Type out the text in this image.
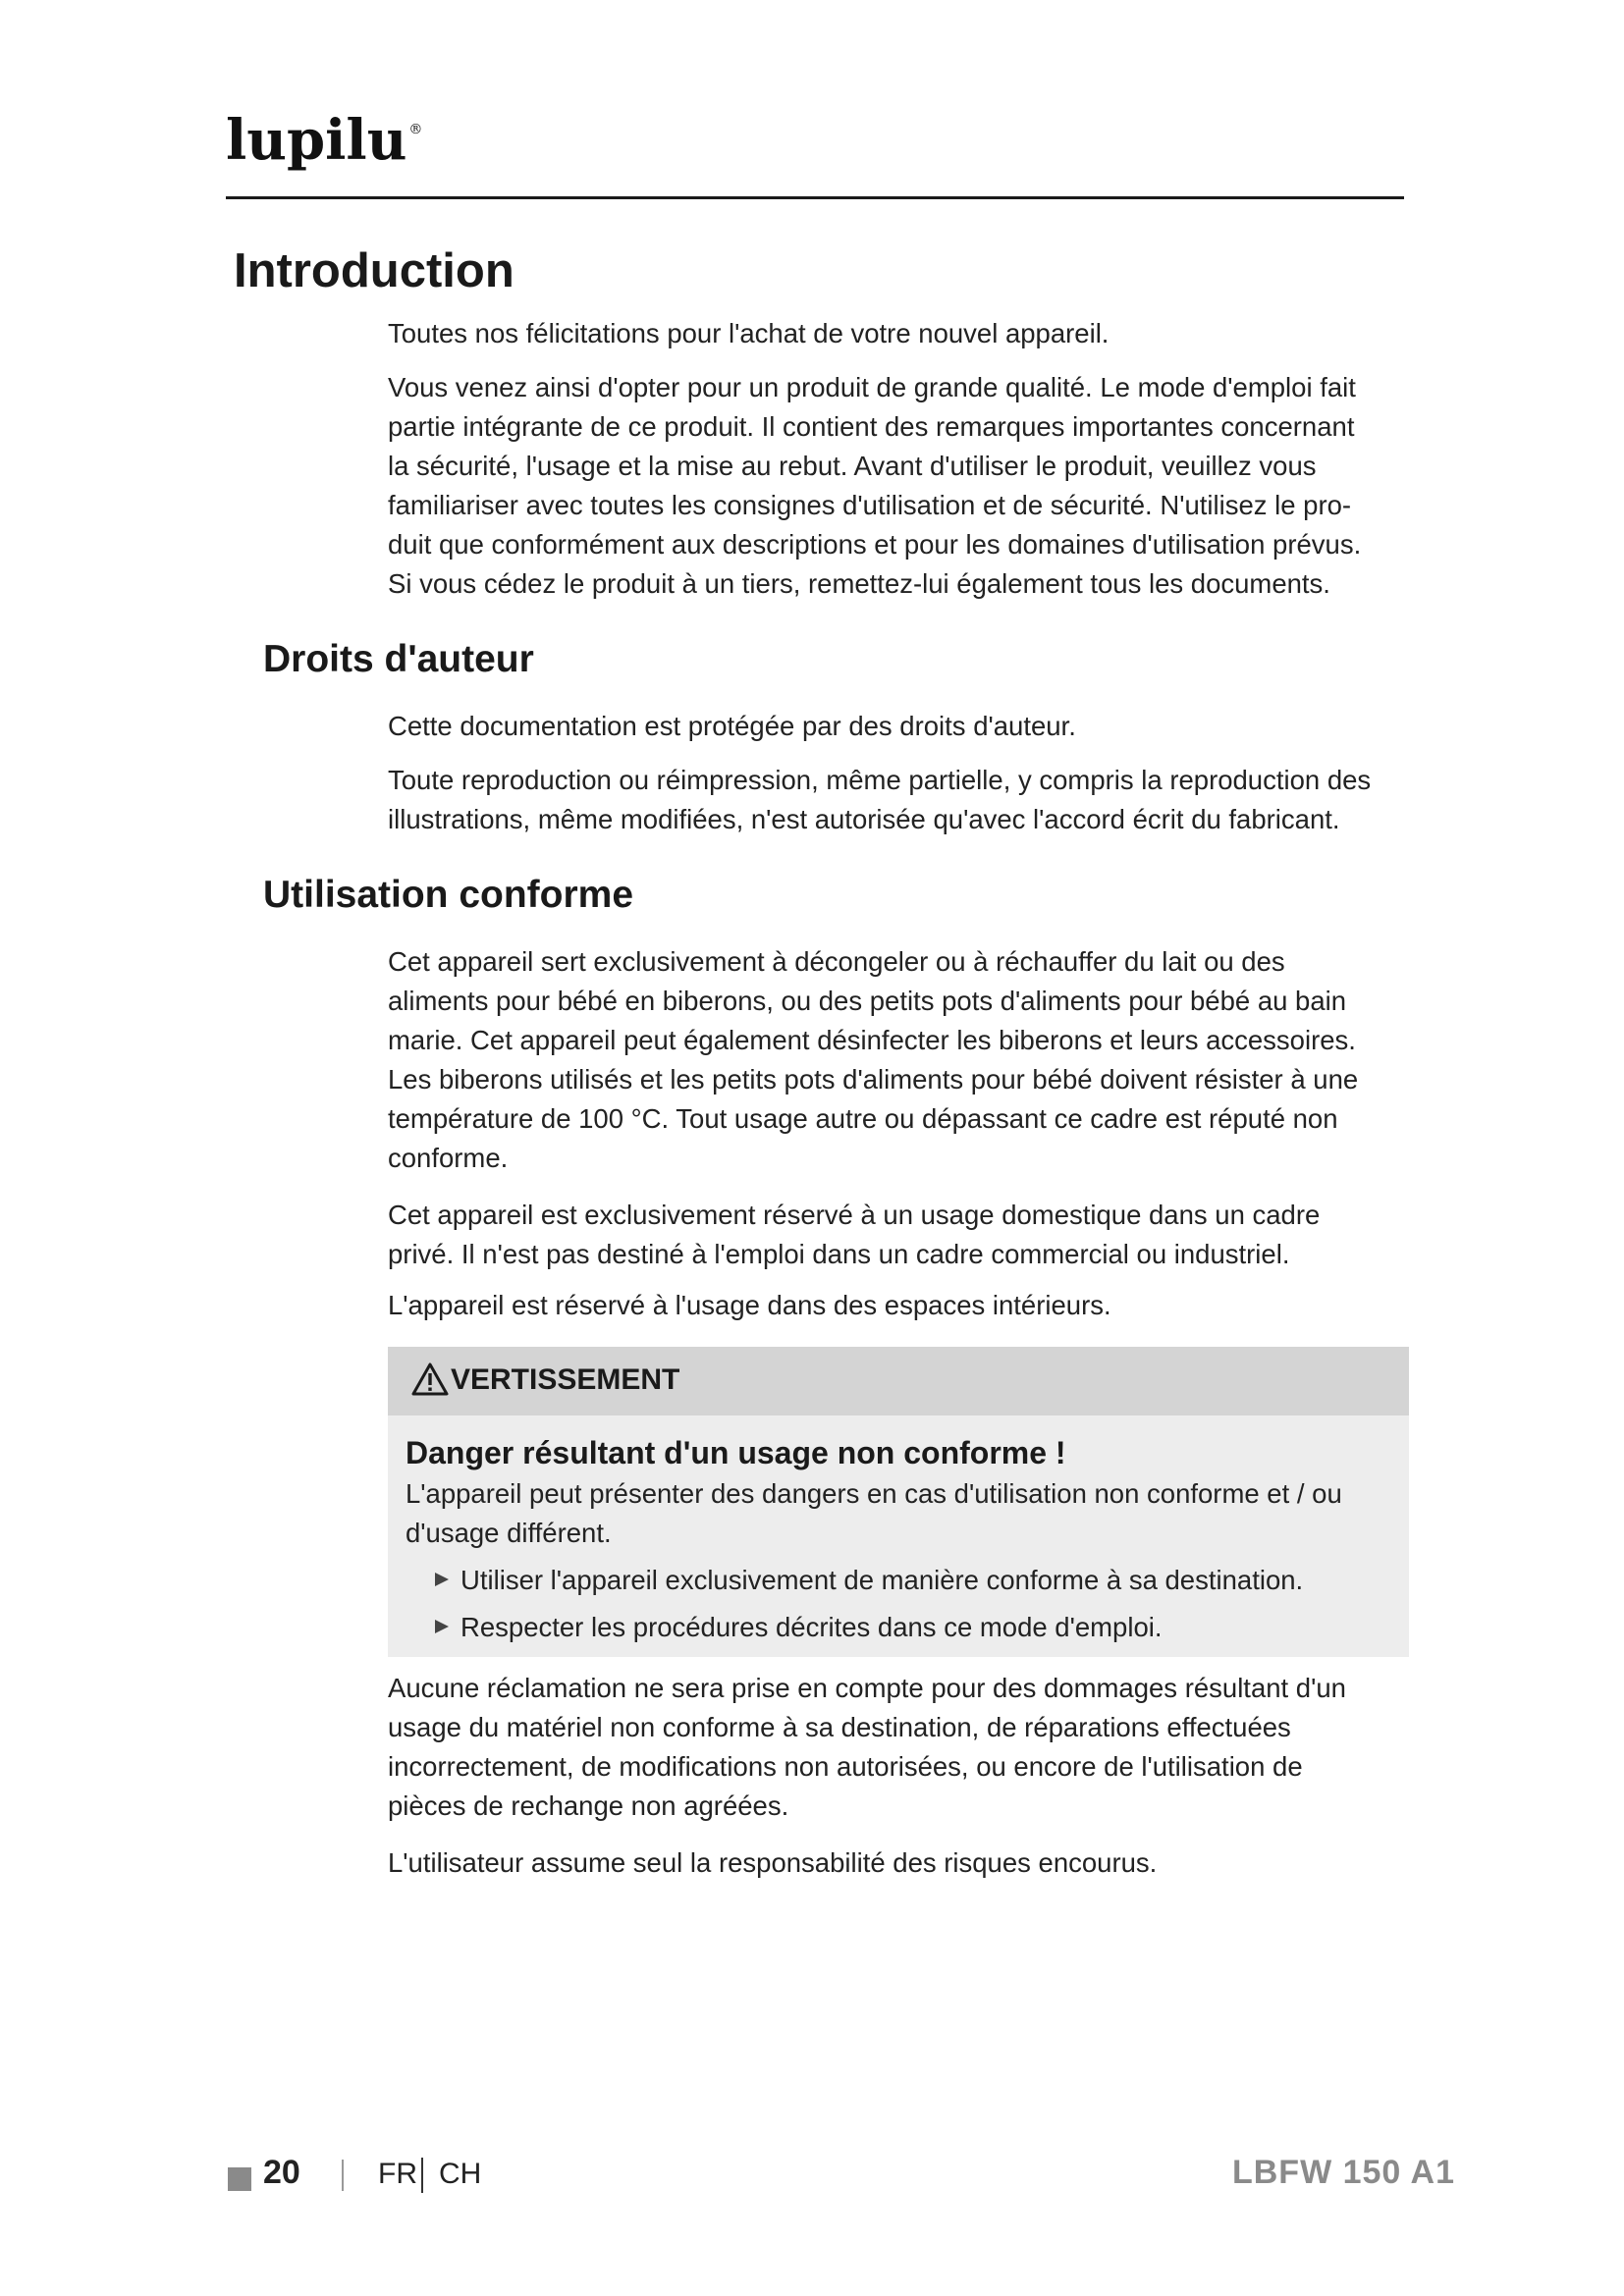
lupilu ®
Introduction

Toutes nos félicitations pour l'achat de votre nouvel appareil.

Vous venez ainsi d'opter pour un produit de grande qualité. Le mode d'emploi fait
partie intégrante de ce produit. Il contient des remarques importantes concernant
la sécurité, l'usage et la mise au rebut. Avant d'utiliser le produit, veuillez vous
familiariser avec toutes les consignes d'utilisation et de sécurité. N'utilisez le pro-
duit que conformément aux descriptions et pour les domaines d'utilisation prévus.
Si vous cédez le produit à un tiers, remettez-lui également tous les documents.
Droits d'auteur

Cette documentation est protégée par des droits d'auteur.

Toute reproduction ou réimpression, même partielle, y compris la reproduction des
illustrations, même modifiées, n'est autorisée qu'avec l'accord écrit du fabricant.
Utilisation conforme
Cet appareil sert exclusivement à décongeler ou à réchauffer du lait ou des
aliments pour bébé en biberons, ou des petits pots d'aliments pour bébé au bain
marie. Cet appareil peut également désinfecter les biberons et leurs accessoires.
Les biberons utilisés et les petits pots d'aliments pour bébé doivent résister à une
température de 100 °C. Tout usage autre ou dépassant ce cadre est réputé non
conforme.
Cet appareil est exclusivement réservé à un usage domestique dans un cadre
privé. Il n'est pas destiné à l'emploi dans un cadre commercial ou industriel.

L'appareil est réservé à l'usage dans des espaces intérieurs.

VERTISSEMENT
Danger résultant d'un usage non conforme !
L'appareil peut présenter des dangers en cas d'utilisation non conforme et / ou
d'usage différent.
Utiliser l'appareil exclusivement de manière conforme à sa destination.
Respecter les procédures décrites dans ce mode d'emploi.
Aucune réclamation ne sera prise en compte pour des dommages résultant d'un
usage du matériel non conforme à sa destination, de réparations effectuées
incorrectement, de modifications non autorisées, ou encore de l'utilisation de
pièces de rechange non agréées.

L'utilisateur assume seul la responsabilité des risques encourus.

20	FR CH	LBFW 150 A1
